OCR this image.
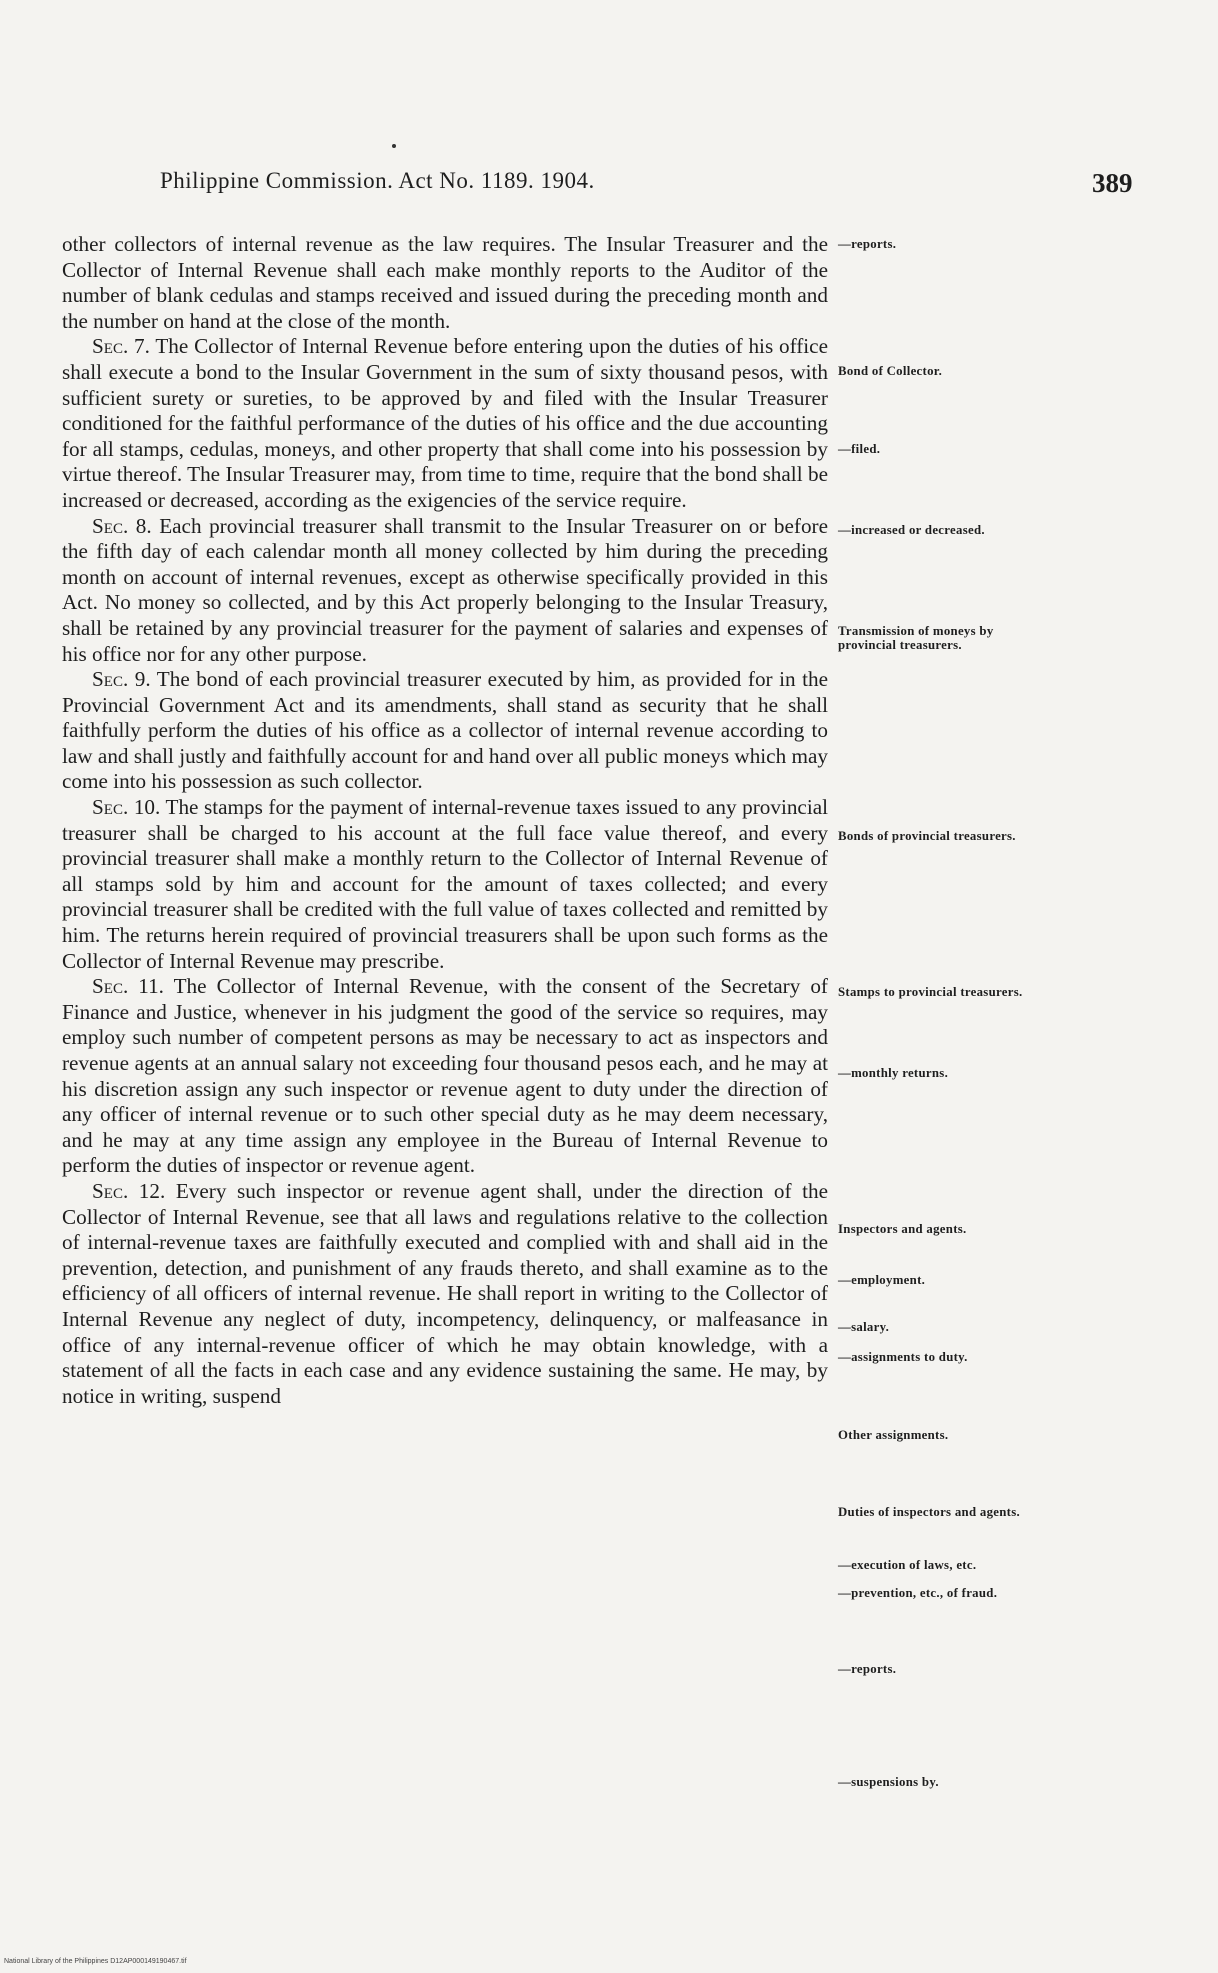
Philippine Commission. Act No. 1189. 1904.	389

other collectors of internal revenue as the law requires. The Insular Treasurer and the Collector of Internal Revenue shall each make monthly reports to the Auditor of the number of blank cedulas and stamps received and issued during the preceding month and the number on hand at the close of the month.

Sec. 7. The Collector of Internal Revenue before entering upon the duties of his office shall execute a bond to the Insular Government in the sum of sixty thousand pesos, with sufficient surety or sureties, to be approved by and filed with the Insular Treasurer conditioned for the faithful performance of the duties of his office and the due accounting for all stamps, cedulas, moneys, and other property that shall come into his possession by virtue thereof. The Insular Treasurer may, from time to time, require that the bond shall be increased or decreased, according as the exigencies of the service require.

Sec. 8. Each provincial treasurer shall transmit to the Insular Treasurer on or before the fifth day of each calendar month all money collected by him during the preceding month on account of internal revenues, except as otherwise specifically provided in this Act. No money so collected, and by this Act properly belonging to the Insular Treasury, shall be retained by any provincial treasurer for the payment of salaries and expenses of his office nor for any other purpose.

Sec. 9. The bond of each provincial treasurer executed by him, as provided for in the Provincial Government Act and its amendments, shall stand as security that he shall faithfully perform the duties of his office as a collector of internal revenue according to law and shall justly and faithfully account for and hand over all public moneys which may come into his possession as such collector.

Sec. 10. The stamps for the payment of internal-revenue taxes issued to any provincial treasurer shall be charged to his account at the full face value thereof, and every provincial treasurer shall make a monthly return to the Collector of Internal Revenue of all stamps sold by him and account for the amount of taxes collected; and every provincial treasurer shall be credited with the full value of taxes collected and remitted by him. The returns herein required of provincial treasurers shall be upon such forms as the Collector of Internal Revenue may prescribe.

Sec. 11. The Collector of Internal Revenue, with the consent of the Secretary of Finance and Justice, whenever in his judgment the good of the service so requires, may employ such number of competent persons as may be necessary to act as inspectors and revenue agents at an annual salary not exceeding four thousand pesos each, and he may at his discretion assign any such inspector or revenue agent to duty under the direction of any officer of internal revenue or to such other special duty as he may deem necessary, and he may at any time assign any employee in the Bureau of Internal Revenue to perform the duties of inspector or revenue agent.

Sec. 12. Every such inspector or revenue agent shall, under the direction of the Collector of Internal Revenue, see that all laws and regulations relative to the collection of internal-revenue taxes are faithfully executed and complied with and shall aid in the prevention, detection, and punishment of any frauds thereto, and shall examine as to the efficiency of all officers of internal revenue. He shall report in writing to the Collector of Internal Revenue any neglect of duty, incompetency, delinquency, or malfeasance in office of any internal-revenue officer of which he may obtain knowledge, with a statement of all the facts in each case and any evidence sustaining the same. He may, by notice in writing, suspend

—reports.
Bond of Collector.
—filed.
—increased or decreased.
Transmission of moneys by provincial treasurers.
Bonds of provincial treasurers.
Stamps to provincial treasurers.
—monthly returns.
Inspectors and agents.
—employment.
—salary.
—assignments to duty.
Other assignments.
Duties of inspectors and agents.
—execution of laws, etc.
—prevention, etc., of fraud.
—reports.
—suspensions by.
National Library of the Philippines D12AP000149190467.tif
